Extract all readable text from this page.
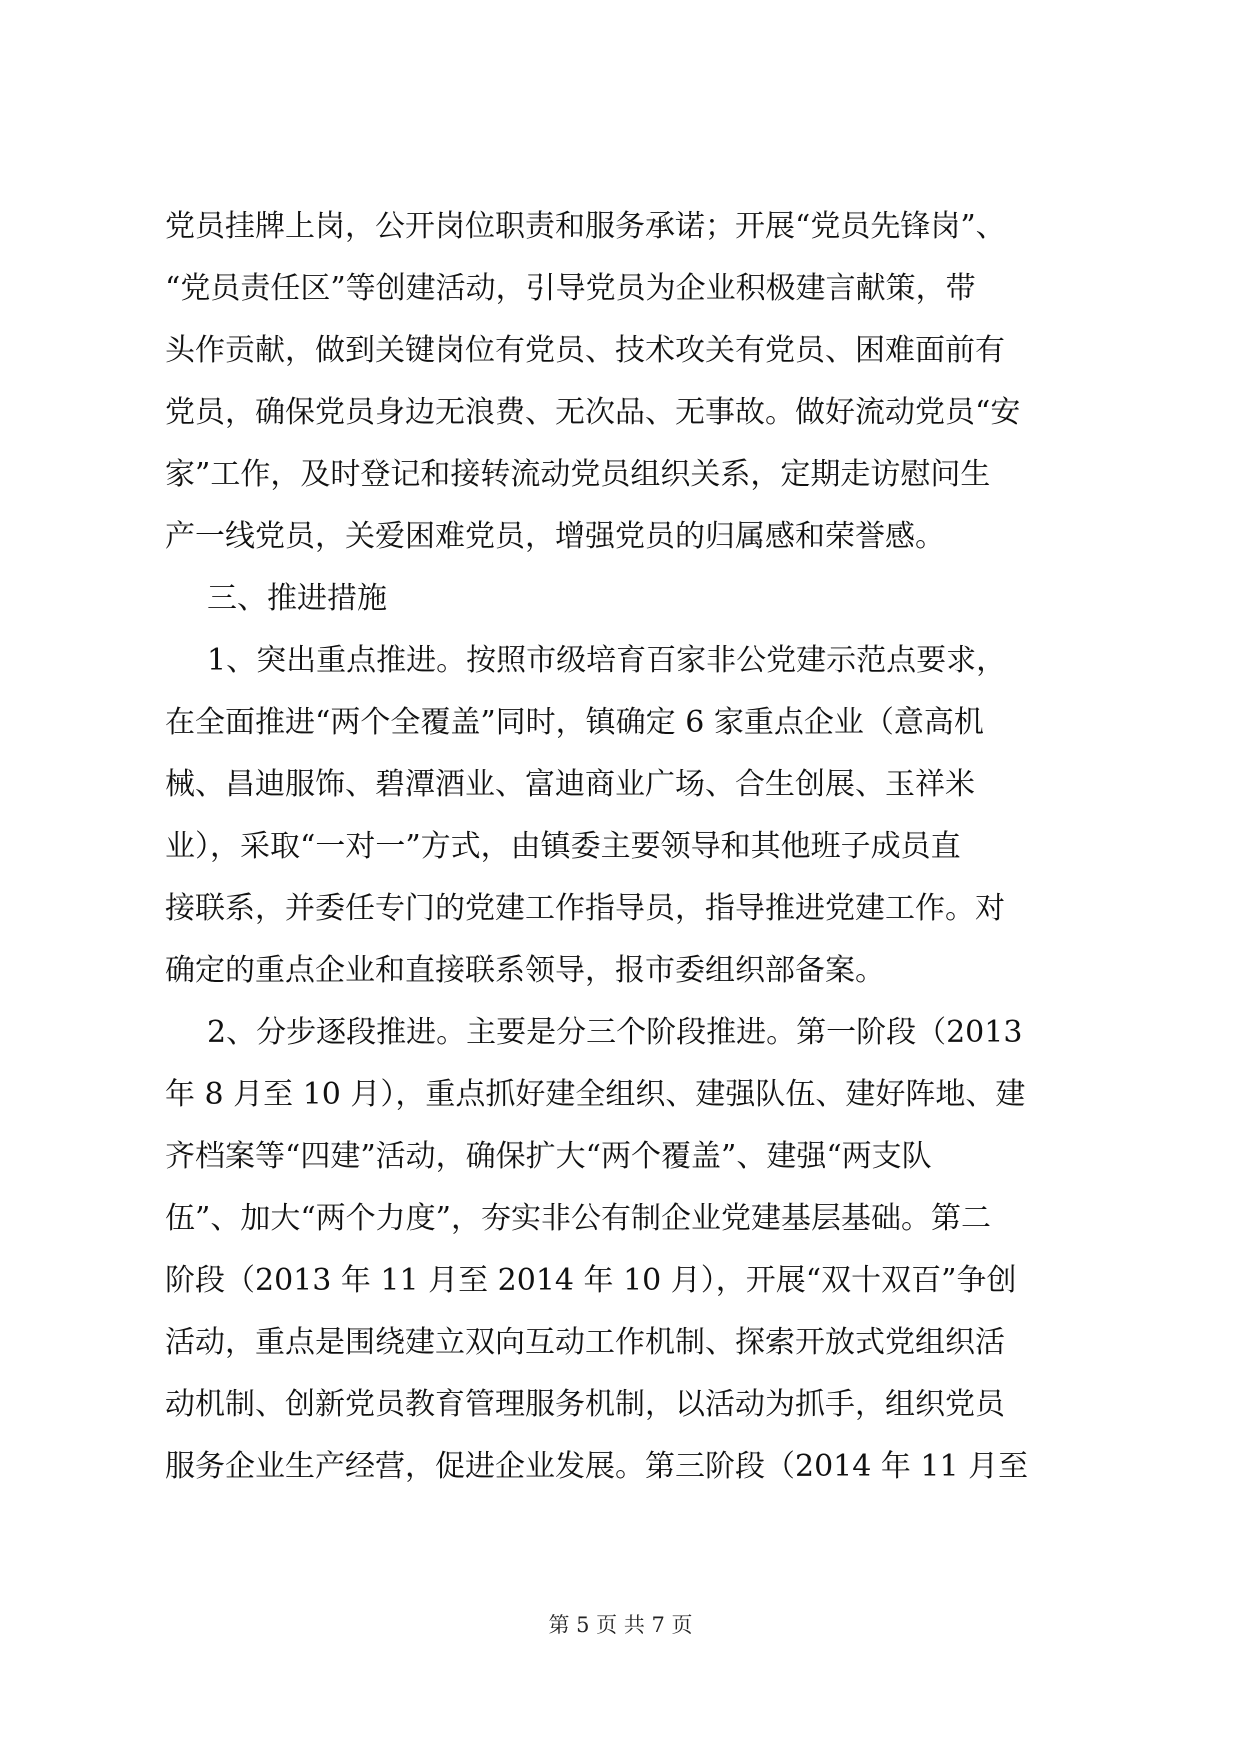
党员挂牌上岗，公开岗位职责和服务承诺；开展“党员先锋岗”、
“党员责任区”等创建活动，引导党员为企业积极建言献策，带
头作贡献，做到关键岗位有党员、技术攻关有党员、困难面前有
党员，确保党员身边无浪费、无次品、无事故。做好流动党员“安
家”工作，及时登记和接转流动党员组织关系，定期走访慰问生
产一线党员，关爱困难党员，增强党员的归属感和荣誉感。
三、推进措施
1、突出重点推进。按照市级培育百家非公党建示范点要求，
在全面推进“两个全覆盖”同时，镇确定 6 家重点企业（意高机
械、昌迪服饰、碧潭酒业、富迪商业广场、合生创展、玉祥米
业），采取“一对一”方式，由镇委主要领导和其他班子成员直
接联系，并委任专门的党建工作指导员，指导推进党建工作。对
确定的重点企业和直接联系领导，报市委组织部备案。
2、分步逐段推进。主要是分三个阶段推进。第一阶段（2013
年 8 月至 10 月），重点抓好建全组织、建强队伍、建好阵地、建
齐档案等“四建”活动，确保扩大“两个覆盖”、建强“两支队
伍”、加大“两个力度”，夯实非公有制企业党建基层基础。第二
阶段（2013 年 11 月至 2014 年 10 月），开展“双十双百”争创
活动，重点是围绕建立双向互动工作机制、探索开放式党组织活
动机制、创新党员教育管理服务机制，以活动为抓手，组织党员
服务企业生产经营，促进企业发展。第三阶段（2014 年 11 月至
第 5 页 共 7 页
